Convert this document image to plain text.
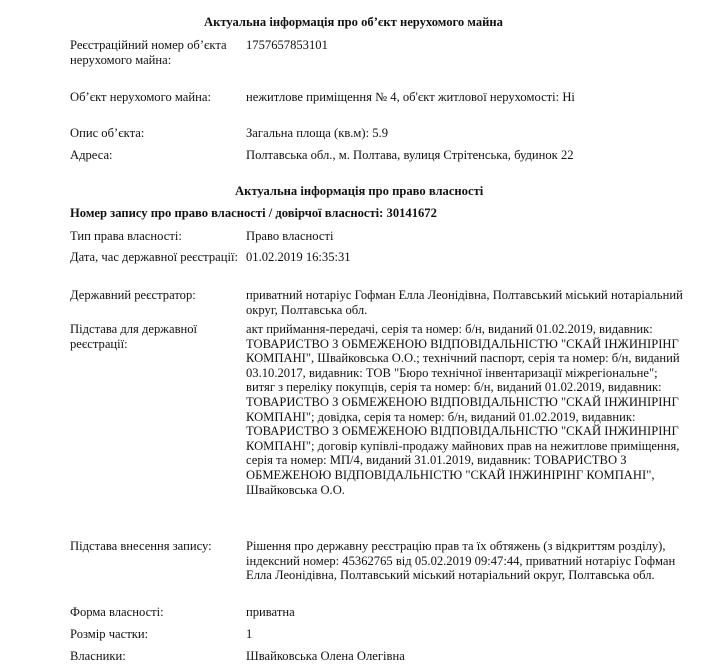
Актуальна інформація про об’єкт нерухомого майна
Реєстраційний номер об’єкта нерухомого майна:
1757657853101
Об’єкт нерухомого майна:	нежитлове приміщення № 4, об'єкт житлової нерухомості: Ні
Опис об’єкта:	Загальна площа (кв.м): 5.9
Адреса:	Полтавська обл., м. Полтава, вулиця Стрітенська, будинок 22
Актуальна інформація про право власності
Номер запису про право власності / довірчої власності: 30141672
Тип права власності:	Право власності
Дата, час державної реєстрації: 01.02.2019 16:35:31
Державний реєстратор:	приватний нотаріус Гофман Елла Леонідівна, Полтавський міський нотаріальний округ, Полтавська обл.
Підстава для державної реєстрації:
акт приймання-передачі, серія та номер: б/н, виданий 01.02.2019, видавник: ТОВАРИСТВО З ОБМЕЖЕНОЮ ВІДПОВІДАЛЬНІСТЮ "СКАЙ ІНЖИНІРІНГ КОМПАНІ", Швайковська О.О.; технічний паспорт, серія та номер: б/н, виданий 03.10.2017, видавник: ТОВ "Бюро технічної інвентаризації міжрегіональне"; витяг з переліку покупців, серія та номер: б/н, виданий 01.02.2019, видавник: ТОВАРИСТВО З ОБМЕЖЕНОЮ ВІДПОВІДАЛЬНІСТЮ "СКАЙ ІНЖИНІРІНГ КОМПАНІ"; довідка, серія та номер: б/н, виданий 01.02.2019, видавник: ТОВАРИСТВО З ОБМЕЖЕНОЮ ВІДПОВІДАЛЬНІСТЮ "СКАЙ ІНЖИНІРІНГ КОМПАНІ"; договір купівлі-продажу майнових прав на нежитлове приміщення, серія та номер: МП/4, виданий 31.01.2019, видавник: ТОВАРИСТВО З ОБМЕЖЕНОЮ ВІДПОВІДАЛЬНІСТЮ "СКАЙ ІНЖИНІРІНГ КОМПАНІ", Швайковська О.О.
Підстава внесення запису:	Рішення про державну реєстрацію прав та їх обтяжень (з відкриттям розділу), індексний номер: 45362765 від 05.02.2019 09:47:44, приватний нотаріус Гофман Елла Леонідівна, Полтавський міський нотаріальний округ, Полтавська обл.
Форма власності:	приватна
Розмір частки:	1
Власники:	Швайковська Олена Олегівна
